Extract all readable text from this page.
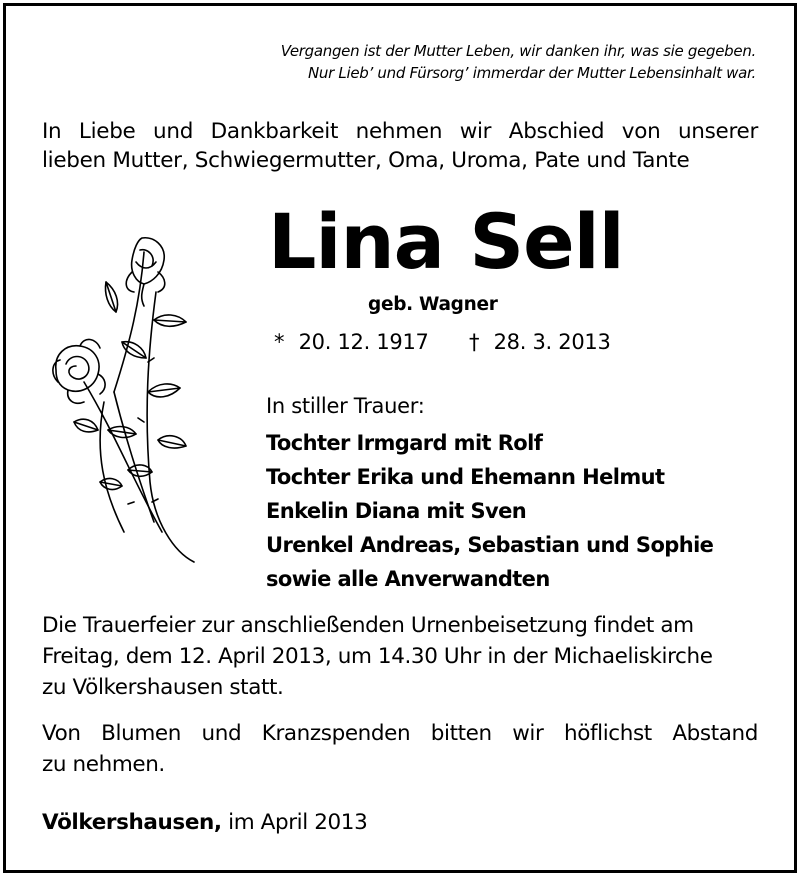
Vergangen ist der Mutter Leben, wir danken ihr, was sie gegeben.
Nur Lieb’ und Fürsorg’ immerdar der Mutter Lebensinhalt war.
In Liebe und Dankbarkeit nehmen wir Abschied von unserer
lieben Mutter, Schwiegermutter, Oma, Uroma, Pate und Tante
Lina Sell
geb. Wagner
* 20. 12. 1917 † 28. 3. 2013
In stiller Trauer:
Tochter Irmgard mit Rolf
Tochter Erika und Ehemann Helmut
Enkelin Diana mit Sven
Urenkel Andreas, Sebastian und Sophie
sowie alle Anverwandten
Die Trauerfeier zur anschließenden Urnenbeisetzung findet am
Freitag, dem 12. April 2013, um 14.30 Uhr in der Michaeliskirche
zu Völkershausen statt.
Von Blumen und Kranzspenden bitten wir höflichst Abstand
zu nehmen.
Völkershausen, im April 2013
